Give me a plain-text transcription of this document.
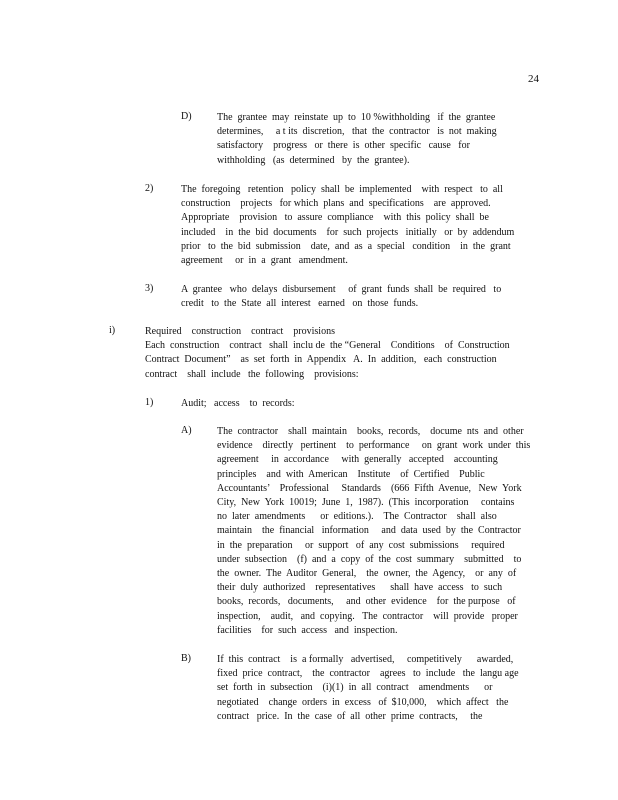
24
D)	The  grantee  may  reinstate  up  to  10 %withholding   if  the  grantee
determines,     a t its  discretion,   that  the  contractor   is  not  making
satisfactory    progress   or  there  is  other  specific   cause   for
withholding   (as  determined   by  the  grantee).
2)	The  foregoing   retention   policy  shall  be  implemented    with  respect   to  all
construction    projects   for which  plans  and  specifications    are  approved.
Appropriate    provision   to  assure  compliance    with  this  policy  shall  be
included    in  the  bid  documents    for  such  projects   initially   or  by  addendum
prior   to  the  bid  submission    date,  and  as  a  special   condition    in  the  grant
agreement     or  in  a  grant   amendment.
3)	A  grantee   who  delays  disbursement     of  grant  funds  shall  be  required   to
credit   to  the  State  all  interest   earned   on  those  funds.
i)	Required    construction    contract    provisions
Each  construction    contract   shall  inclu de  the “General    Conditions    of  Construction
Contract  Document”    as  set  forth  in  Appendix   A.  In  addition,   each  construction
contract    shall  include   the  following    provisions:
1)	Audit;   access    to  records:
A)	The  contractor    shall  maintain    books,  records,    docume  nts  and  other
evidence    directly   pertinent    to  performance     on  grant  work  under  this
agreement     in  accordance     with  generally   accepted    accounting
principles    and  with  American    Institute    of  Certified    Public
Accountants’    Professional     Standards    (666  Fifth  Avenue,   New  York
City,  New  York  10019;  June  1,  1987).  (This  incorporation     contains
no  later  amendments      or  editions.).    The  Contractor    shall  also
maintain    the  financial   information     and  data  used  by  the  Contractor
in  the  preparation     or  support   of  any  cost  submissions     required
under  subsection    (f)  and  a  copy  of  the  cost  summary    submitted    to
the  owner.  The  Auditor  General,    the  owner,  the  Agency,    or  any  of
their  duly  authorized    representatives      shall  have  access   to  such
books,  records,   documents,     and  other  evidence    for  the purpose   of
inspection,    audit,   and  copying.   The  contractor    will  provide   proper
facilities    for  such  access   and  inspection.
B)	If  this  contract    is  a formally   advertised,     competitively      awarded,
fixed  price  contract,    the  contractor    agrees   to  include   the  langu age
set  forth  in  subsection    (i)(1)  in  all  contract    amendments      or
negotiated    change  orders  in  excess   of  $10,000,    which  affect   the
contract   price.  In  the  case  of  all  other  prime  contracts,     the
